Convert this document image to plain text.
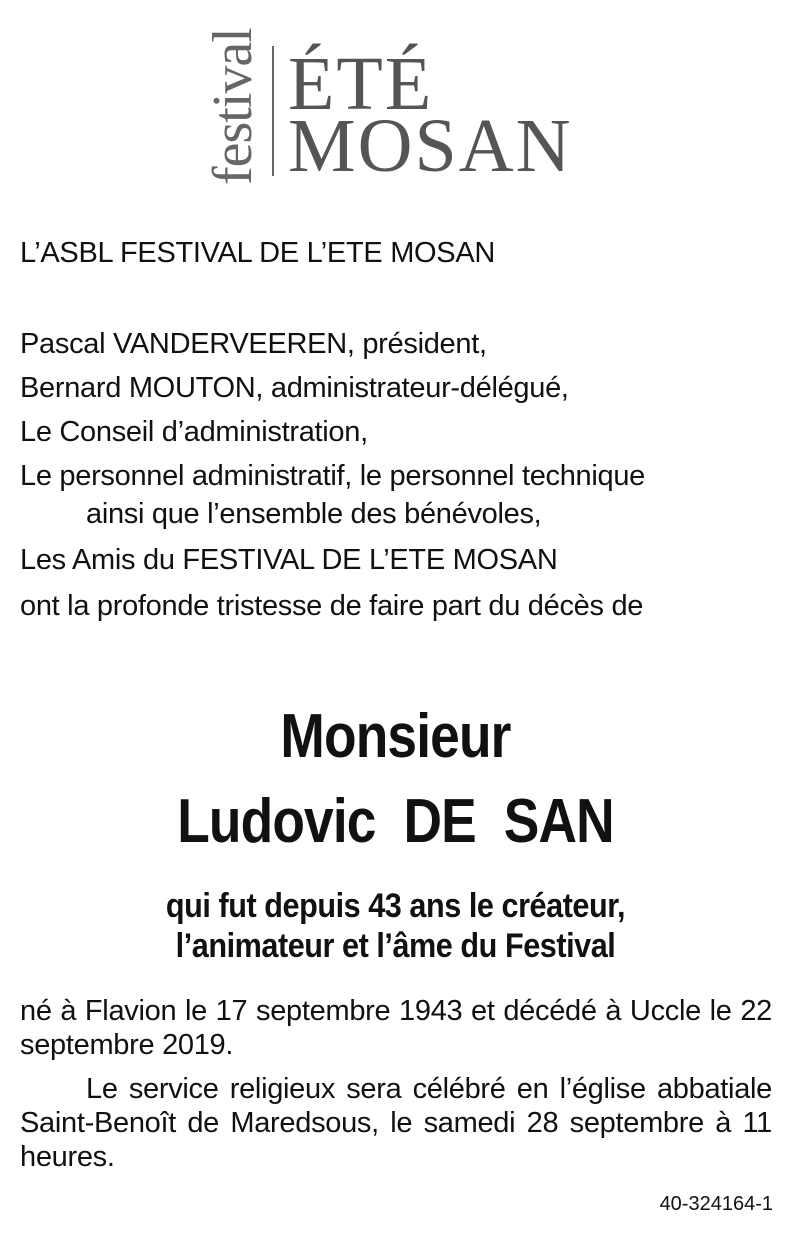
festival ÉTÉ
MOSAN
L’ASBL FESTIVAL DE L’ETE MOSAN
Pascal VANDERVEEREN, président,
Bernard MOUTON, administrateur-délégué,
Le Conseil d’administration,
Le personnel administratif, le personnel technique
ainsi que l’ensemble des bénévoles,
Les Amis du FESTIVAL DE L’ETE MOSAN
ont la profonde tristesse de faire part du décès de
Monsieur
Ludovic  DE  SAN
qui fut depuis 43 ans le créateur,
l’animateur et l’âme du Festival
né à Flavion le 17 septembre 1943 et décédé à Uccle le 22 septembre 2019.
Le service religieux sera célébré en l’église abbatiale Saint-Benoît de Maredsous, le samedi 28 septembre à 11 heures.
40-324164-1
